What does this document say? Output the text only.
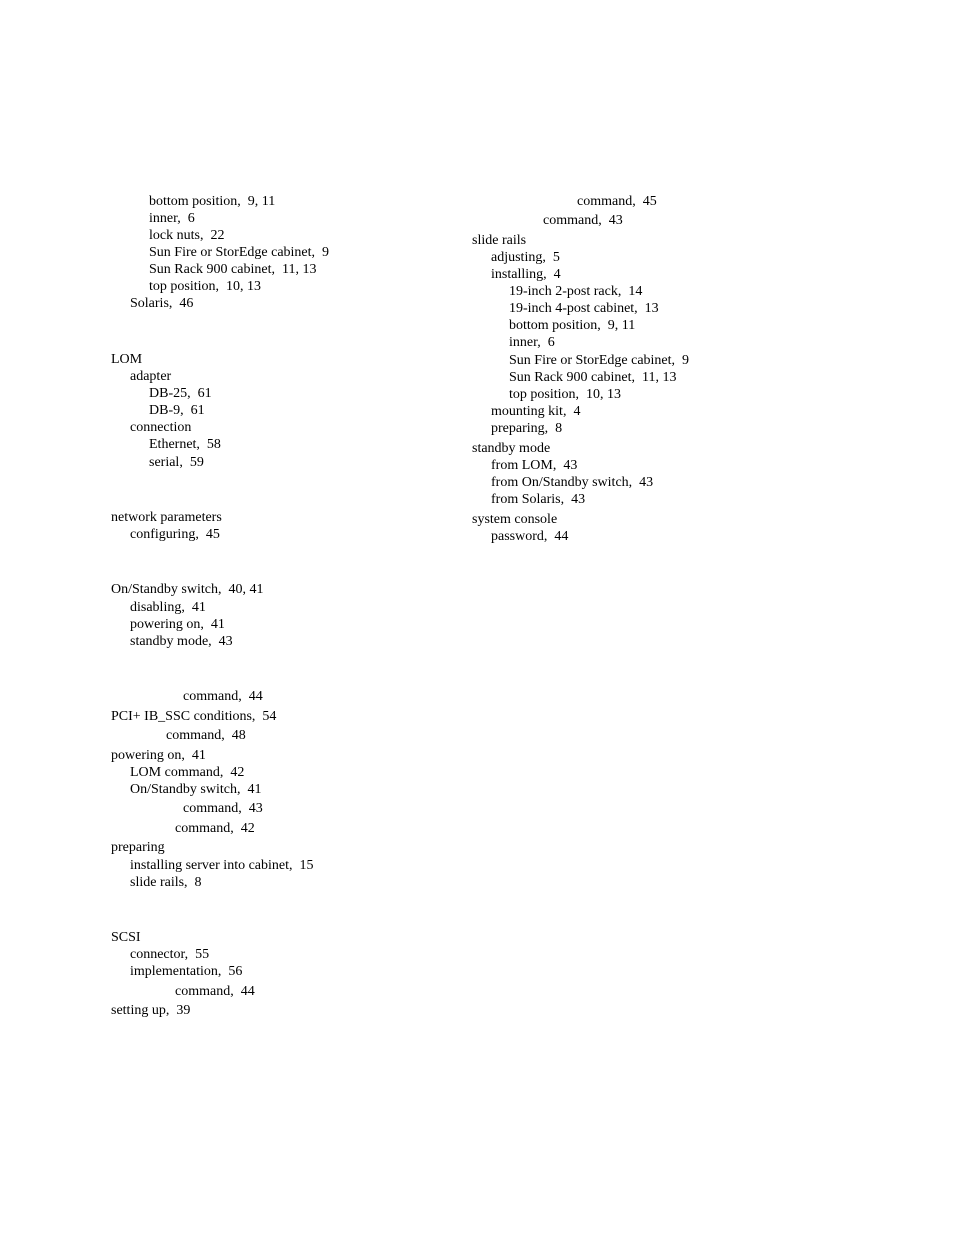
bottom position,  9, 11
inner,  6
lock nuts,  22
Sun Fire or StorEdge cabinet,  9
Sun Rack 900 cabinet,  11, 13
top position,  10, 13
Solaris,  46
LOM
adapter
DB-25,  61
DB-9,  61
connection
Ethernet,  58
serial,  59
network parameters
configuring,  45
On/Standby switch,  40, 41
disabling,  41
powering on,  41
standby mode,  43
command,  44
PCI+ IB_SSC conditions,  54
command,  48
powering on,  41
LOM command,  42
On/Standby switch,  41
command,  43
command,  42
preparing
installing server into cabinet,  15
slide rails,  8
SCSI
connector,  55
implementation,  56
command,  44
setting up,  39
command,  45
command,  43
slide rails
adjusting,  5
installing,  4
19-inch 2-post rack,  14
19-inch 4-post cabinet,  13
bottom position,  9, 11
inner,  6
Sun Fire or StorEdge cabinet,  9
Sun Rack 900 cabinet,  11, 13
top position,  10, 13
mounting kit,  4
preparing,  8
standby mode
from LOM,  43
from On/Standby switch,  43
from Solaris,  43
system console
password,  44
